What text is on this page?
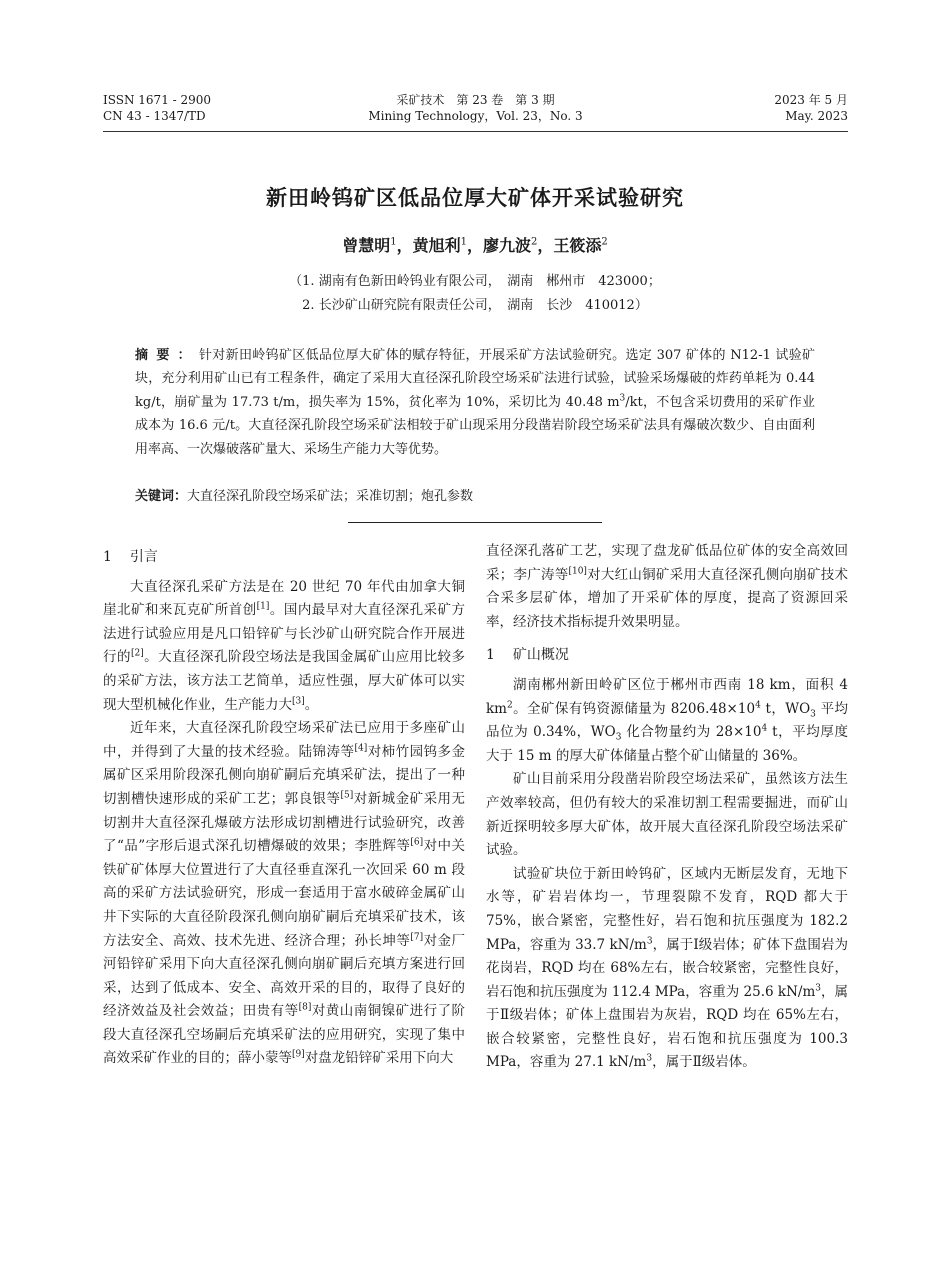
ISSN 1671 - 2900
CN 43 - 1347/TD
采矿技术　第 23 卷　第 3 期
Mining Technology，Vol. 23，No. 3
2023 年 5 月
May. 2023
新田岭钨矿区低品位厚大矿体开采试验研究
曾慧明$^1$，黄旭利$^1$，廖九波$^2$，王筱添$^2$
（1. 湖南有色新田岭钨业有限公司，　湖南　郴州市　423000；
2. 长沙矿山研究院有限责任公司，　湖南　长沙　410012）
摘要：针对新田岭钨矿区低品位厚大矿体的赋存特征，开展采矿方法试验研究。选定 307 矿体的 N12-1 试验矿块，充分利用矿山已有工程条件，确定了采用大直径深孔阶段空场采矿法进行试验，试验采场爆破的炸药单耗为 0.44 kg/t，崩矿量为 17.73 t/m，损失率为 15%，贫化率为 10%，采切比为 40.48 $m^3/kt$，不包含采切费用的采矿作业成本为 16.6 元/t。大直径深孔阶段空场采矿法相较于矿山现采用分段凿岩阶段空场采矿法具有爆破次数少、自由面利用率高、一次爆破落矿量大、采场生产能力大等优势。
关键词：大直径深孔阶段空场采矿法；采准切割；炮孔参数
1 引言

大直径深孔采矿方法是在 20 世纪 70 年代由加拿大铜崖北矿和来瓦克矿所首创[1]。国内最早对大直径深孔采矿方法进行试验应用是凡口铅锌矿与长沙矿山研究院合作开展进行的[2]。大直径深孔阶段空场法是我国金属矿山应用比较多的采矿方法，该方法工艺简单，适应性强，厚大矿体可以实现大型机械化作业，生产能力大[3]。

近年来，大直径深孔阶段空场采矿法已应用于多座矿山中，并得到了大量的技术经验。陆锦涛等[4]对柿竹园钨多金属矿区采用阶段深孔侧向崩矿嗣后充填采矿法，提出了一种切割槽快速形成的采矿工艺；郭良银等[5]对新城金矿采用无切割井大直径深孔爆破方法形成切割槽进行试验研究，改善了“品”字形后退式深孔切槽爆破的效果；李胜辉等[6]对中关铁矿矿体厚大位置进行了大直径垂直深孔一次回采 60 m 段高的采矿方法试验研究，形成一套适用于富水破碎金属矿山井下实际的大直径阶段深孔侧向崩矿嗣后充填采矿技术，该方法安全、高效、技术先进、经济合理；孙长坤等[7]对金厂河铅锌矿采用下向大直径深孔侧向崩矿嗣后充填方案进行回采，达到了低成本、安全、高效开采的目的，取得了良好的经济效益及社会效益；田贵有等[8]对黄山南铜镍矿进行了阶段大直径深孔空场嗣后充填采矿法的应用研究，实现了集中高效采矿作业的目的；薛小蒙等[9]对盘龙铅锌矿采用下向大

直径深孔落矿工艺，实现了盘龙矿低品位矿体的安全高效回采；李广涛等[10]对大红山铜矿采用大直径深孔侧向崩矿技术合采多层矿体，增加了开采矿体的厚度，提高了资源回采率，经济技术指标提升效果明显。

1 矿山概况

湖南郴州新田岭矿区位于郴州市西南 18 km，面积 4 $km^2$。全矿保有钨资源储量为 $8206.48\times 10^4$ t，$WO_3$ 平均品位为 0.34%，$WO_3$ 化合物量约为 $28\times 10^4$ t，平均厚度大于 15 m 的厚大矿体储量占整个矿山储量的 36%。

矿山目前采用分段凿岩阶段空场法采矿，虽然该方法生产效率较高，但仍有较大的采准切割工程需要掘进，而矿山新近探明较多厚大矿体，故开展大直径深孔阶段空场法采矿试验。

试验矿块位于新田岭钨矿，区域内无断层发育，无地下水等，矿岩岩体均一，节理裂隙不发育，RQD 都大于 75%，嵌合紧密，完整性好，岩石饱和抗压强度为 182.2 MPa，容重为 33.7 $kN/m^3$，属于Ⅰ级岩体；矿体下盘围岩为花岗岩，RQD 均在 68%左右，嵌合较紧密，完整性良好，岩石饱和抗压强度为 112.4 MPa，容重为 25.6 $kN/m^3$，属于Ⅱ级岩体；矿体上盘围岩为灰岩，RQD 均在 65%左右，嵌合较紧密，完整性良好，岩石饱和抗压强度为 100.3 MPa，容重为 27.1 $kN/m^3$，属于Ⅱ级岩体。
